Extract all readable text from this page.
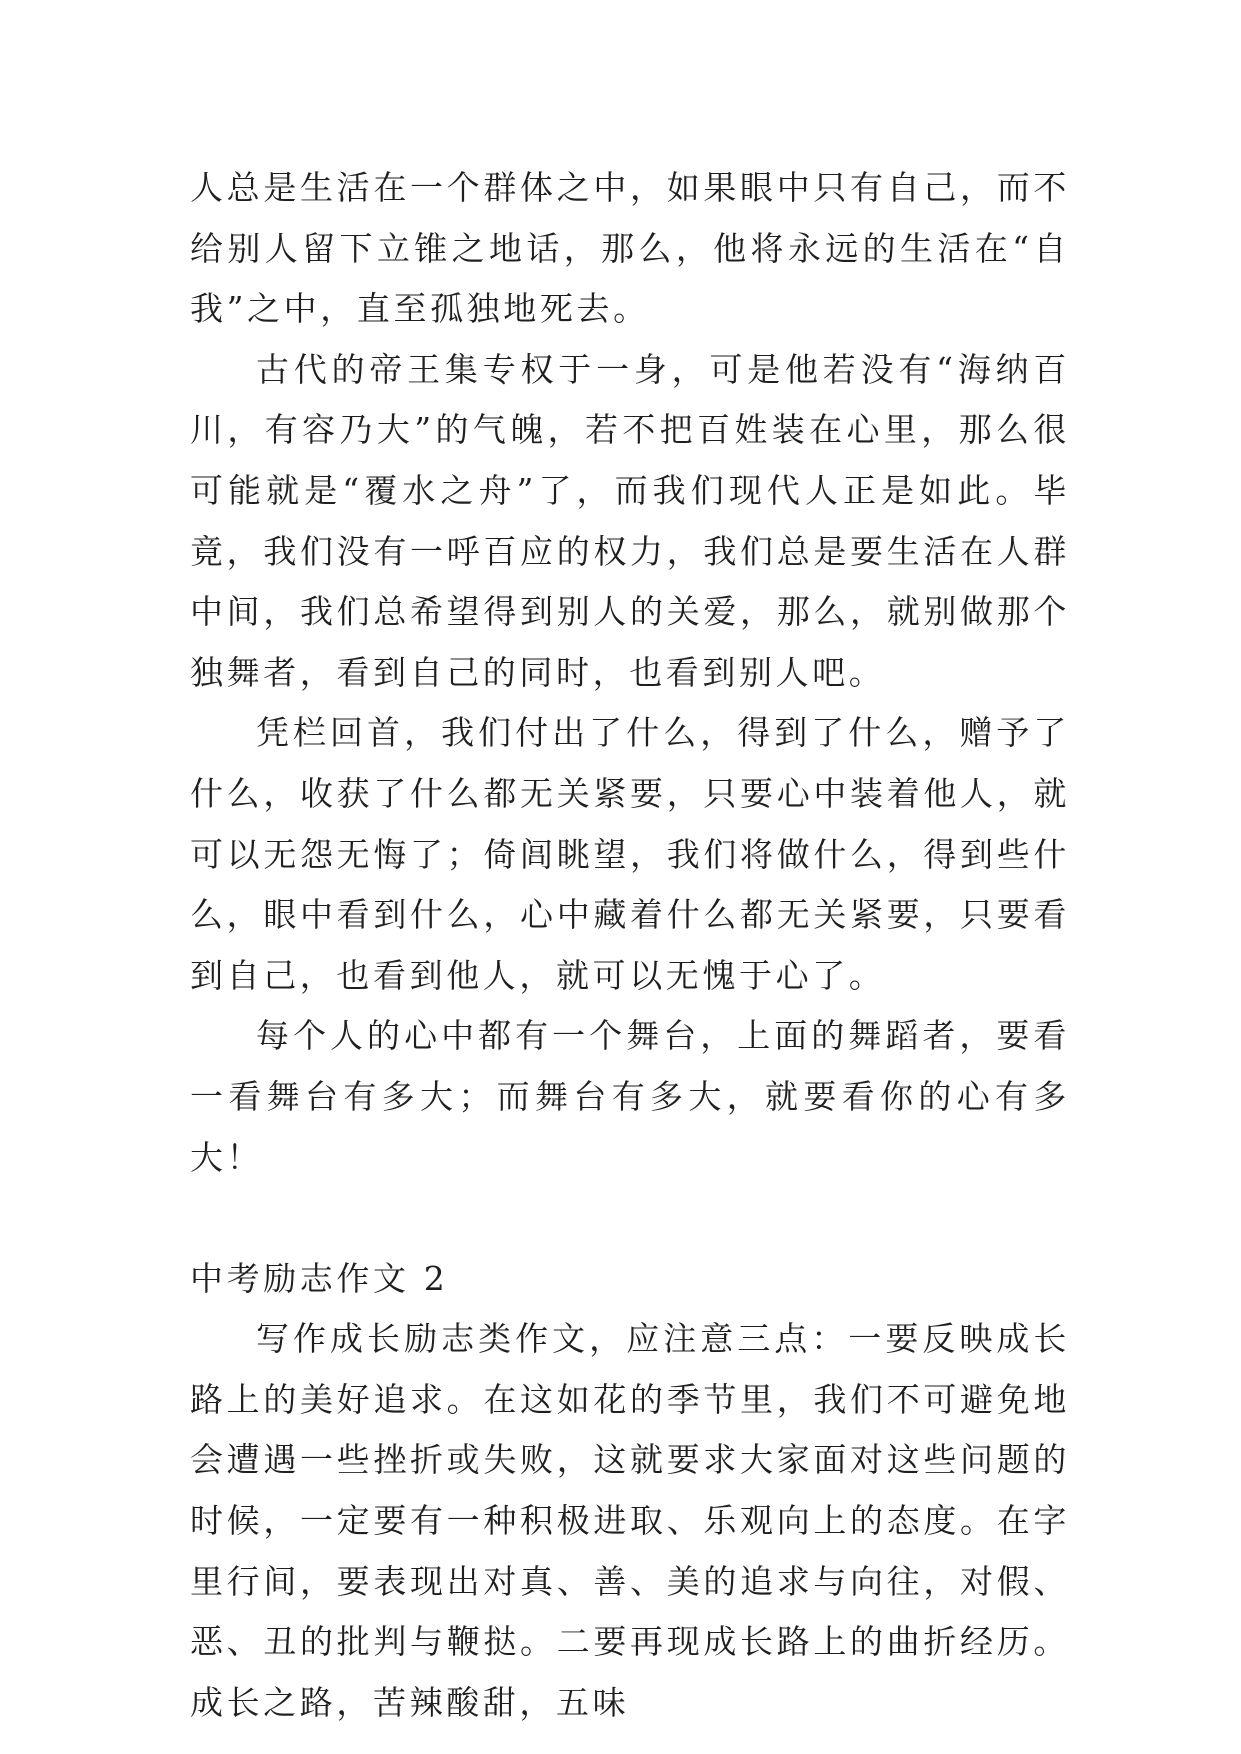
人总是生活在一个群体之中，如果眼中只有自己，而不给别人留下立锥之地话，那么，他将永远的生活在“自我”之中，直至孤独地死去。

古代的帝王集专权于一身，可是他若没有“海纳百川，有容乃大”的气魄，若不把百姓装在心里，那么很可能就是“覆水之舟”了，而我们现代人正是如此。毕竟，我们没有一呼百应的权力，我们总是要生活在人群中间，我们总希望得到别人的关爱，那么，就别做那个独舞者，看到自己的同时，也看到别人吧。

凭栏回首，我们付出了什么，得到了什么，赠予了什么，收获了什么都无关紧要，只要心中装着他人，就可以无怨无悔了；倚闾眺望，我们将做什么，得到些什么，眼中看到什么，心中藏着什么都无关紧要，只要看到自己，也看到他人，就可以无愧于心了。

每个人的心中都有一个舞台，上面的舞蹈者，要看一看舞台有多大；而舞台有多大，就要看你的心有多大！

中考励志作文 2

写作成长励志类作文，应注意三点：一要反映成长路上的美好追求。在这如花的季节里，我们不可避免地会遭遇一些挫折或失败，这就要求大家面对这些问题的时候，一定要有一种积极进取、乐观向上的态度。在字里行间，要表现出对真、善、美的追求与向往，对假、恶、丑的批判与鞭挞。二要再现成长路上的曲折经历。成长之路，苦辣酸甜，五味
